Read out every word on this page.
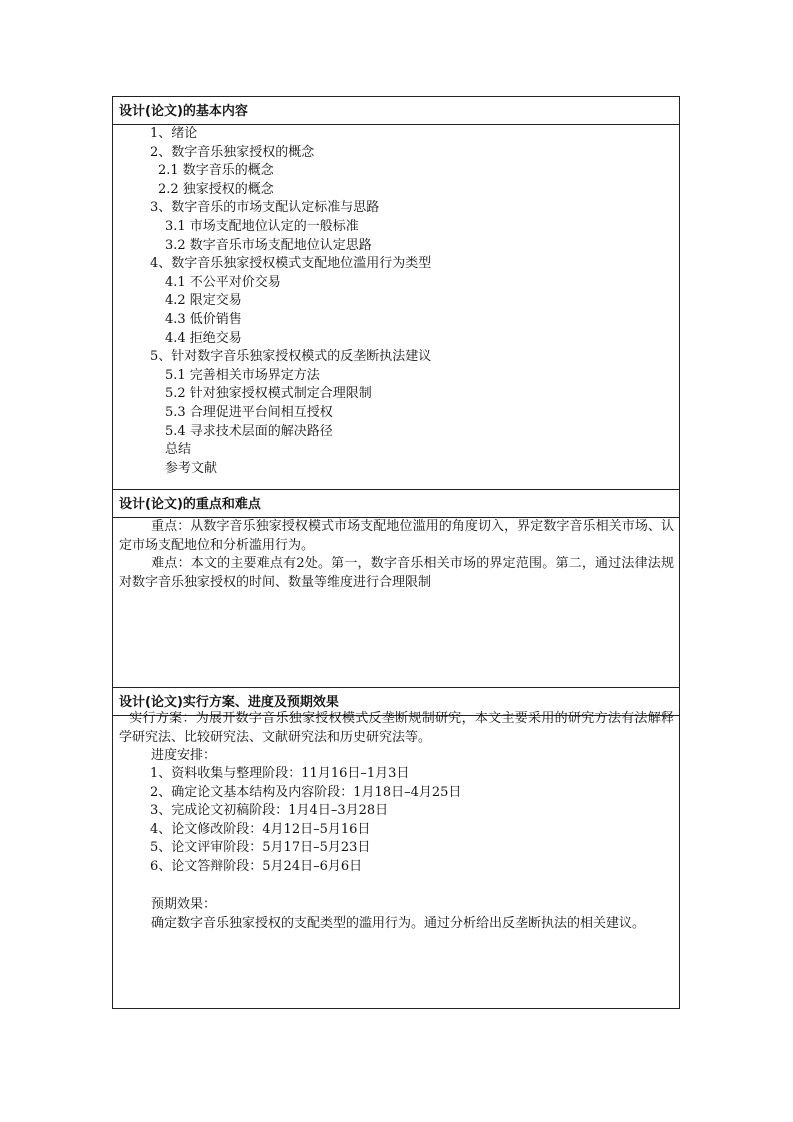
设计(论文)的基本内容
1、绪论
2、数字音乐独家授权的概念
2.1 数字音乐的概念
2.2 独家授权的概念
3、数字音乐的市场支配认定标准与思路
3.1 市场支配地位认定的一般标准
3.2 数字音乐市场支配地位认定思路
4、数字音乐独家授权模式支配地位滥用行为类型
4.1 不公平对价交易
4.2 限定交易
4.3 低价销售
4.4 拒绝交易
5、针对数字音乐独家授权模式的反垄断执法建议
5.1 完善相关市场界定方法
5.2 针对独家授权模式制定合理限制
5.3 合理促进平台间相互授权
5.4 寻求技术层面的解决路径
总结
参考文献
设计(论文)的重点和难点
重点：从数字音乐独家授权模式市场支配地位滥用的角度切入，界定数字音乐相关市场、认定市场支配地位和分析滥用行为。
难点：本文的主要难点有2处。第一，数字音乐相关市场的界定范围。第二，通过法律法规对数字音乐独家授权的时间、数量等维度进行合理限制
设计(论文)实行方案、进度及预期效果
实行方案：为展开数字音乐独家授权模式反垄断规制研究，本文主要采用的研究方法有法解释学研究法、比较研究法、文献研究法和历史研究法等。
进度安排：
1、资料收集与整理阶段：11月16日–1月3日
2、确定论文基本结构及内容阶段：1月18日–4月25日
3、完成论文初稿阶段：1月4日–3月28日
4、论文修改阶段：4月12日–5月16日
5、论文评审阶段：5月17日–5月23日
6、论文答辩阶段：5月24日–6月6日
预期效果：
确定数字音乐独家授权的支配类型的滥用行为。通过分析给出反垄断执法的相关建议。
